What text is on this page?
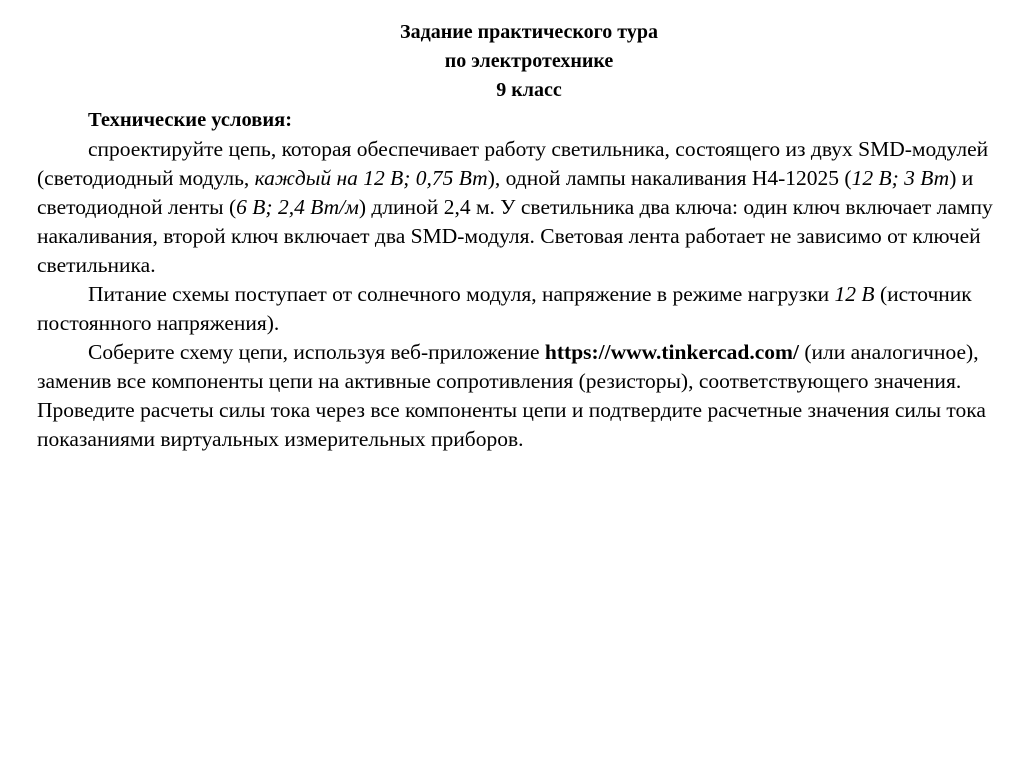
Задание практического тура
по электротехнике
9 класс

Технические условия:

спроектируйте цепь, которая обеспечивает работу светильника, состоящего из двух SMD-модулей (светодиодный модуль, каждый на 12 В; 0,75 Вт), одной лампы накаливания Н4-12025 (12 В; 3 Вт) и светодиодной ленты (6 В; 2,4 Вт/м) длиной 2,4 м. У светильника два ключа: один ключ включает лампу накаливания, второй ключ включает два SMD-модуля. Световая лента работает не зависимо от ключей светильника.

Питание схемы поступает от солнечного модуля, напряжение в режиме нагрузки 12 В (источник постоянного напряжения).

Соберите схему цепи, используя веб-приложение https://www.tinkercad.com/ (или аналогичное), заменив все компоненты цепи на активные сопротивления (резисторы), соответствующего значения. Проведите расчеты силы тока через все компоненты цепи и подтвердите расчетные значения силы тока показаниями виртуальных измерительных приборов.
